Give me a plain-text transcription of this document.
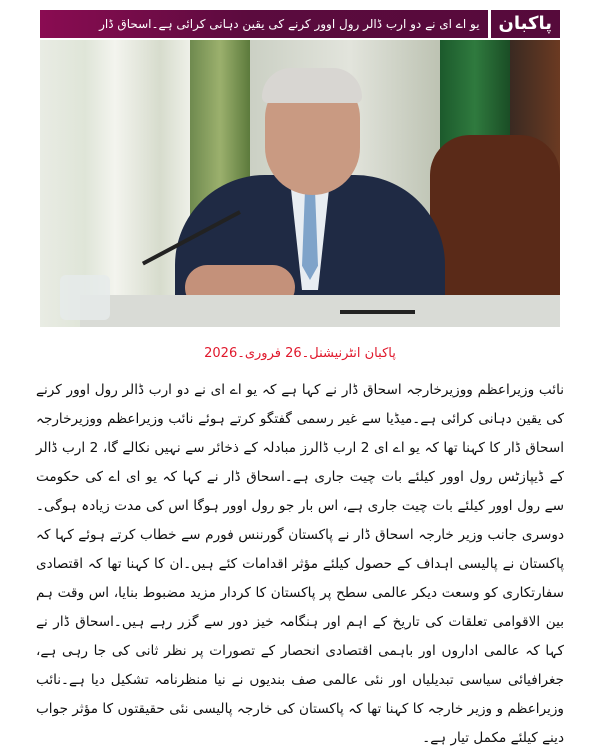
پاکبان
یو اے ای نے دو ارب ڈالر رول اوور کرنے کی یقین دہانی کرائی ہے۔اسحاق ڈار
پاکبان انٹرنیشنل۔26 فروری۔2026
نائب وزیراعظم ووزیرخارجہ اسحاق ڈار نے کہا ہے کہ یو اے ای نے دو ارب ڈالر رول اوور کرنے کی یقین دہانی کرائی ہے۔میڈیا سے غیر رسمی گفتگو کرتے ہوئے نائب وزیراعظم ووزیرخارجہ اسحاق ڈار کا کہنا تھا کہ یو اے ای 2 ارب ڈالرز مبادلہ کے ذخائر سے نہیں نکالے گا، 2 ارب ڈالر کے ڈیپازٹس رول اوور کیلئے بات چیت جاری ہے۔اسحاق ڈار نے کہا کہ یو ای اے کی حکومت سے رول اوور کیلئے بات چیت جاری ہے، اس بار جو رول اوور ہوگا اس کی مدت زیادہ ہوگی۔دوسری جانب وزیر خارجہ اسحاق ڈار نے پاکستان گورننس فورم سے خطاب کرتے ہوئے کہا کہ پاکستان نے پالیسی اہداف کے حصول کیلئے مؤثر اقدامات کئے ہیں۔ان کا کہنا تھا کہ اقتصادی سفارتکاری کو وسعت دیکر عالمی سطح پر پاکستان کا کردار مزید مضبوط بنایا، اس وقت ہم بین الاقوامی تعلقات کی تاریخ کے اہم اور ہنگامہ خیز دور سے گزر رہے ہیں۔اسحاق ڈار نے کہا کہ عالمی اداروں اور باہمی اقتصادی انحصار کے تصورات پر نظر ثانی کی جا رہی ہے، جغرافیائی سیاسی تبدیلیاں اور نئی عالمی صف بندیوں نے نیا منظرنامہ تشکیل دیا ہے۔نائب وزیراعظم و وزیر خارجہ کا کہنا تھا کہ پاکستان کی خارجہ پالیسی نئی حقیقتوں کا مؤثر جواب دینے کیلئے مکمل تیار ہے۔
